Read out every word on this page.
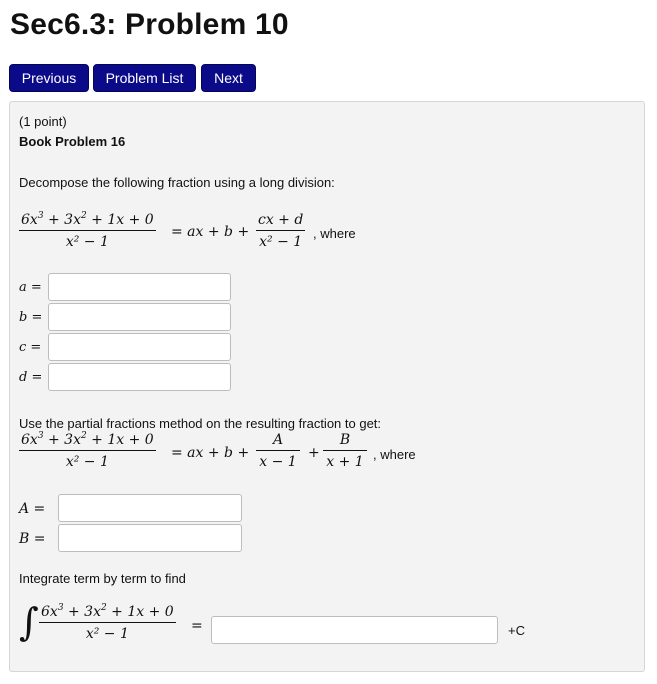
Sec6.3: Problem 10
Previous	Problem List	Next
(1 point)
Book Problem 16
Decompose the following fraction using a long division:
$\frac{6x^3 + 3x^2 + 1x + 0}{\text{x² − 1}}$ = ax + $b + \frac{cx + d}{\text{x² − 1}}$ , where
a =
b =
c =
d =
Use the partial fractions method on the resulting fraction to get:
$\frac{6x^3 + 3x^2 + 1x + 0}{\text{x² − 1}}$ = ax + $b + \frac{A}{x - 1} + \frac{B}{x + 1}$ , where
A =
B =
Integrate term by term to find
∫ $\frac{6x^3 + 3x^2 + 1x + 0}{\text{x² − 1}}$ =	+C
